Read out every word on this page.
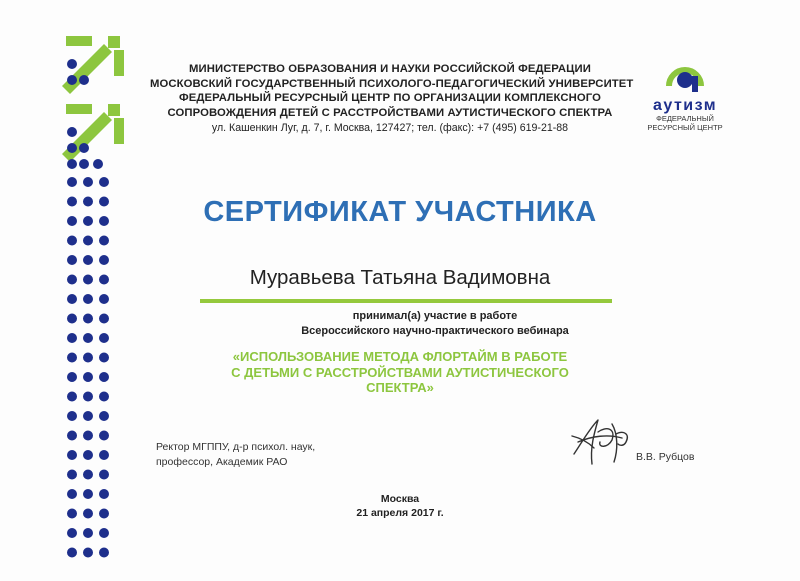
МИНИСТЕРСТВО ОБРАЗОВАНИЯ И НАУКИ РОССИЙСКОЙ ФЕДЕРАЦИИ
МОСКОВСКИЙ ГОСУДАРСТВЕННЫЙ ПСИХОЛОГО-ПЕДАГОГИЧЕСКИЙ УНИВЕРСИТЕТ
ФЕДЕРАЛЬНЫЙ РЕСУРСНЫЙ ЦЕНТР ПО ОРГАНИЗАЦИИ КОМПЛЕКСНОГО
СОПРОВОЖДЕНИЯ ДЕТЕЙ С РАССТРОЙСТВАМИ АУТИСТИЧЕСКОГО СПЕКТРА
ул. Кашенкин Луг, д. 7, г. Москва, 127427; тел. (факс): +7 (495) 619-21-88
аутизм
ФЕДЕРАЛЬНЫЙ
РЕСУРСНЫЙ ЦЕНТР
СЕРТИФИКАТ УЧАСТНИКА
Муравьева Татьяна Вадимовна
принимал(а) участие в работе
Всероссийского научно-практического вебинара
«ИСПОЛЬЗОВАНИЕ МЕТОДА ФЛОРТАЙМ В РАБОТЕ
С ДЕТЬМИ С РАССТРОЙСТВАМИ АУТИСТИЧЕСКОГО
СПЕКТРА»
Ректор МГППУ, д-р психол. наук,
профессор, Академик РАО	В.В. Рубцов
Москва
21 апреля 2017 г.
